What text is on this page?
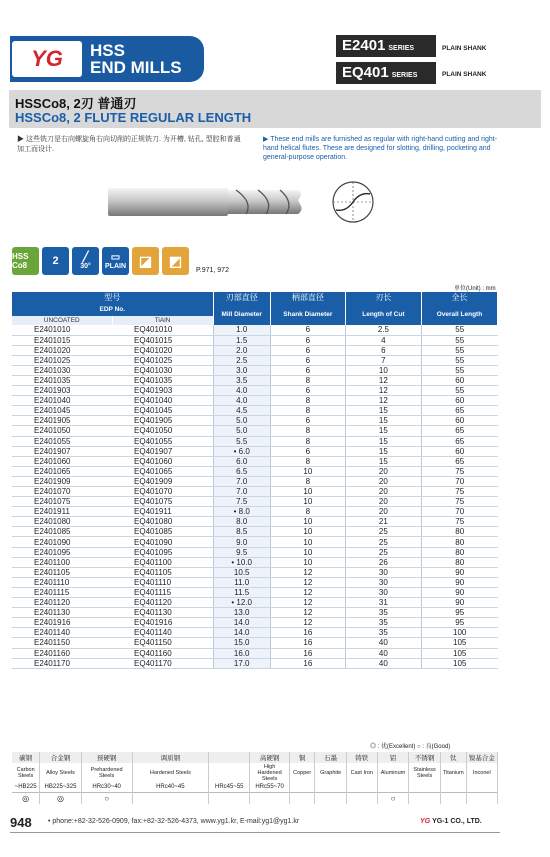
YG	HSS
END MILLS
E2401 SERIES	PLAIN SHANK
EQ401 SERIES	PLAIN SHANK
HSSCo8, 2刃 普通刃
HSSCo8, 2 FLUTE REGULAR LENGTH
▶ 这些铣刀是右向螺旋角右向切削的正规铣刀. 为开槽, 钻孔, 型腔和普通加工而设计.
▶ These end mills are furnished as regular with right-hand cutting and right-hand helical flutes. These are designed for slotting, drilling, pocketing and general-purpose operation.
HSS Co8	2 ╱
30°
▭
PLAIN ◪ ◩
P.971, 972
单位(Unit) : mm
型号		刃部直径	柄部直径	刃长	全长
EDP No.		Mill Diameter	Shank Diameter	Length of Cut	Overall Length
UNCOATED	TiAlN				
E2401010	EQ401010	1.0	6	2.5	55
E2401015	EQ401015	1.5	6	4	55
E2401020	EQ401020	2.0	6	6	55
E2401025	EQ401025	2.5	6	7	55
E2401030	EQ401030	3.0	6	10	55
E2401035	EQ401035	3.5	8	12	60
E2401903	EQ401903	4.0	6	12	55
E2401040	EQ401040	4.0	8	12	60
E2401045	EQ401045	4.5	8	15	65
E2401905	EQ401905	5.0	6	15	60
E2401050	EQ401050	5.0	8	15	65
E2401055	EQ401055	5.5	8	15	65
E2401907	EQ401907	• 6.0	6	15	60
E2401060	EQ401060	6.0	8	15	65
E2401065	EQ401065	6.5	10	20	75
E2401909	EQ401909	7.0	8	20	70
E2401070	EQ401070	7.0	10	20	75
E2401075	EQ401075	7.5	10	20	75
E2401911	EQ401911	• 8.0	8	20	70
E2401080	EQ401080	8.0	10	21	75
E2401085	EQ401085	8.5	10	25	80
E2401090	EQ401090	9.0	10	25	80
E2401095	EQ401095	9.5	10	25	80
E2401100	EQ401100	• 10.0	10	26	80
E2401105	EQ401105	10.5	12	30	90
E2401110	EQ401110	11.0	12	30	90
E2401115	EQ401115	11.5	12	30	90
E2401120	EQ401120	• 12.0	12	31	90
E2401130	EQ401130	13.0	12	35	95
E2401916	EQ401916	14.0	12	35	95
E2401140	EQ401140	14.0	16	35	100
E2401150	EQ401150	15.0	16	40	105
E2401160	EQ401160	16.0	16	40	105
E2401170	EQ401170	17.0	16	40	105
◎ : 优(Excellent) ○ : 良(Good)
碳钢	合金钢	预硬钢	调质钢		高硬钢	铜	石墨	铸铁	铝	不锈钢	钛	镍基合金
Carbon Steels	Alloy Steels	Prehardened Steels	Hardened Steels		High Hardened Steels	Copper	Graphite	Cast Iron	Aluminum	Stainless Steels	Titanium	Inconel
~HB225	HB225~325	HRc30~40	HRc40~45	HRc45~55	HRc55~70							
◎	◎	○							○			
948 • phone:+82-32-526-0909, fax:+82-32-526-4373, www.yg1.kr, E-mail:yg1@yg1.kr	YG YG-1 CO., LTD.
